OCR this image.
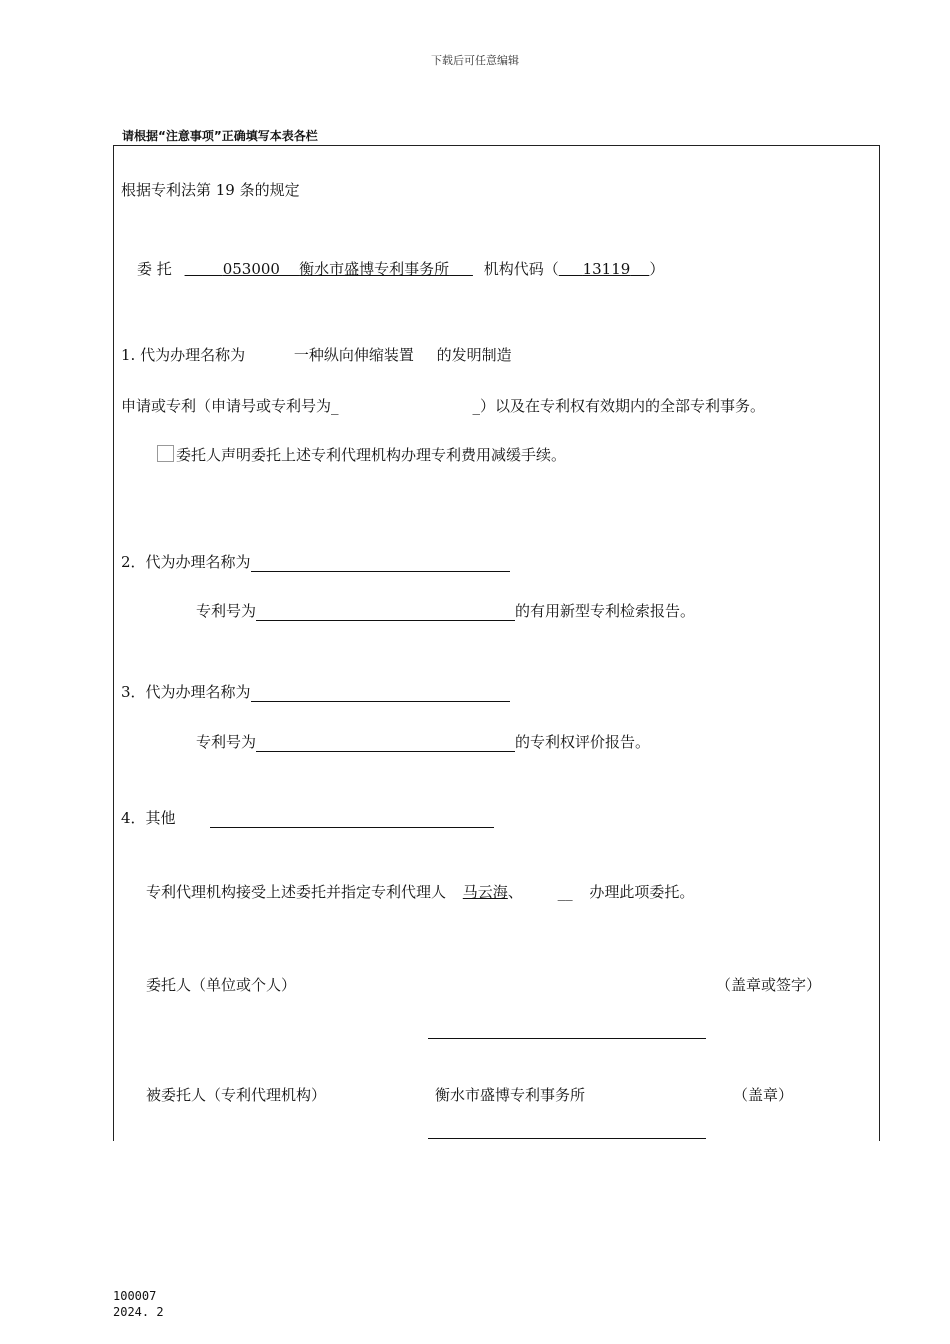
下载后可任意编辑
请根据“注意事项”正确填写本表各栏
根据专利法第 19 条的规定
委 托	053000 衡水市盛博专利事务所 机构代码（ 13119 ）
1. 代为办理名称为	一种纵向伸缩装置 的发明制造
申请或专利（申请号或专利号为_	_）以及在专利权有效期内的全部专利事务。
委托人声明委托上述专利代理机构办理专利费用减缓手续。
2．代为办理名称为
专利号为	的有用新型专利检索报告。
3．代为办理名称为
专利号为	的专利权评价报告。
4．其他
专利代理机构接受上述委托并指定专利代理人 马云海、 __ 办理此项委托。
委托人（单位或个人）	（盖章或签字）
被委托人（专利代理机构）	衡水市盛博专利事务所	（盖章）
100007
2024. 2
